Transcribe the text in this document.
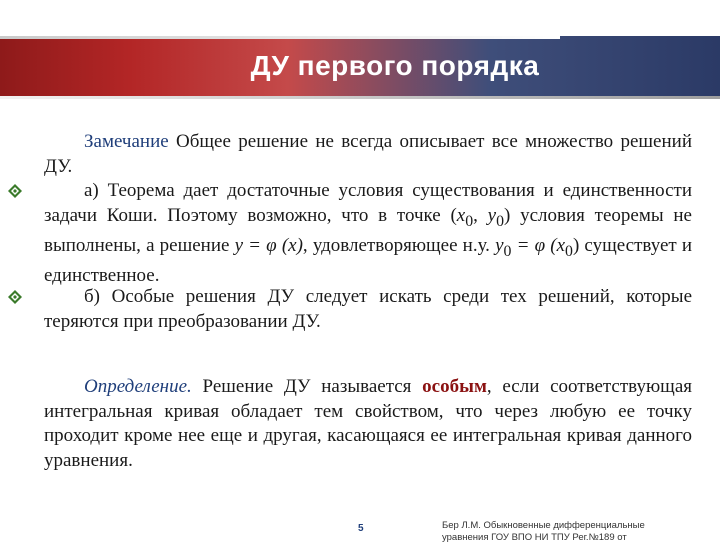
ДУ первого порядка
Замечание Общее решение не всегда описывает все множество решений ДУ.
а) Теорема дает достаточные условия существования и единственности задачи Коши. Поэтому возможно, что в точке ($x_0$, $y_0$) условия теоремы не выполнены, а решение y = φ (x), удовлетворяющее н.у. $y_0 = \varphi$ $(x_0)$ существует и единственное.
б) Особые решения ДУ следует искать среди тех решений, которые теряются при преобразовании ДУ.
Определение. Решение ДУ называется особым, если соответствующая интегральная кривая обладает тем свойством, что через любую ее точку проходит кроме нее еще и другая, касающаяся ее интегральная кривая данного уравнения.
5	Бер Л.М. Обыкновенные дифференциальные
уравнения ГОУ ВПО НИ ТПУ Рег.№189 от
